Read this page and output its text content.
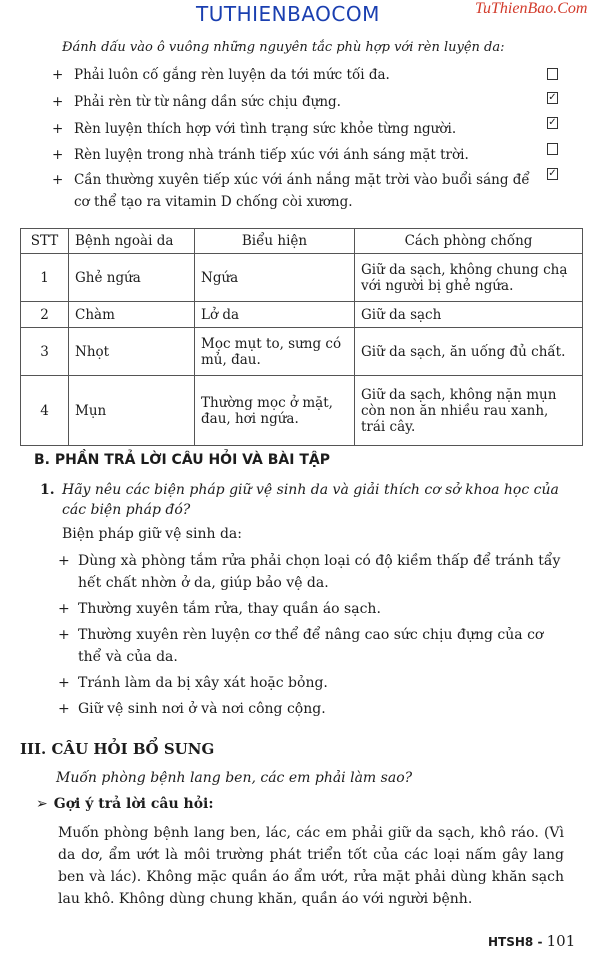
TUTHIENBAOCOM	TuThienBao.Com
Đánh dấu vào ô vuông những nguyên tắc phù hợp với rèn luyện da:
+ Phải luôn cố gắng rèn luyện da tới mức tối đa.
+ Phải rèn từ từ nâng dần sức chịu đựng.	✓
+ Rèn luyện thích hợp với tình trạng sức khỏe từng người.	✓
+ Rèn luyện trong nhà tránh tiếp xúc với ánh sáng mặt trời.
+ Cần thường xuyên tiếp xúc với ánh nắng mặt trời vào buổi sáng để cơ thể tạo ra vitamin D chống còi xương.
✓
STT	Bệnh ngoài da	Biểu hiện	Cách phòng chống
1	Ghẻ ngứa	Ngứa	Giữ da sạch, không chung chạ với người bị ghẻ ngứa.
2	Chàm	Lở da	Giữ da sạch
3	Nhọt	Mọc mụt to, sưng có mủ, đau.	Giữ da sạch, ăn uống đủ chất.
4	Mụn	Thường mọc ở mặt, đau, hơi ngứa.	Giữ da sạch, không nặn mụn còn non ăn nhiều rau xanh, trái cây.
B. PHẦN TRẢ LỜI CÂU HỎI VÀ BÀI TẬP
1. Hãy nêu các biện pháp giữ vệ sinh da và giải thích cơ sở khoa học của các biện pháp đó?
Biện pháp giữ vệ sinh da:
+ Dùng xà phòng tắm rửa phải chọn loại có độ kiềm thấp để tránh tẩy hết chất nhờn ở da, giúp bảo vệ da.
+ Thường xuyên tắm rửa, thay quần áo sạch.
+ Thường xuyên rèn luyện cơ thể để nâng cao sức chịu đựng của cơ thể và của da.
+ Tránh làm da bị xây xát hoặc bỏng.
+ Giữ vệ sinh nơi ở và nơi công cộng.
III. CÂU HỎI BỔ SUNG
Muốn phòng bệnh lang ben, các em phải làm sao?
➢ Gợi ý trả lời câu hỏi:
Muốn phòng bệnh lang ben, lác, các em phải giữ da sạch, khô ráo. (Vì da dơ, ẩm ướt là môi trường phát triển tốt của các loại nấm gây lang ben và lác). Không mặc quần áo ẩm ướt, rửa mặt phải dùng khăn sạch lau khô. Không dùng chung khăn, quần áo với người bệnh.
HTSH8 - 101
